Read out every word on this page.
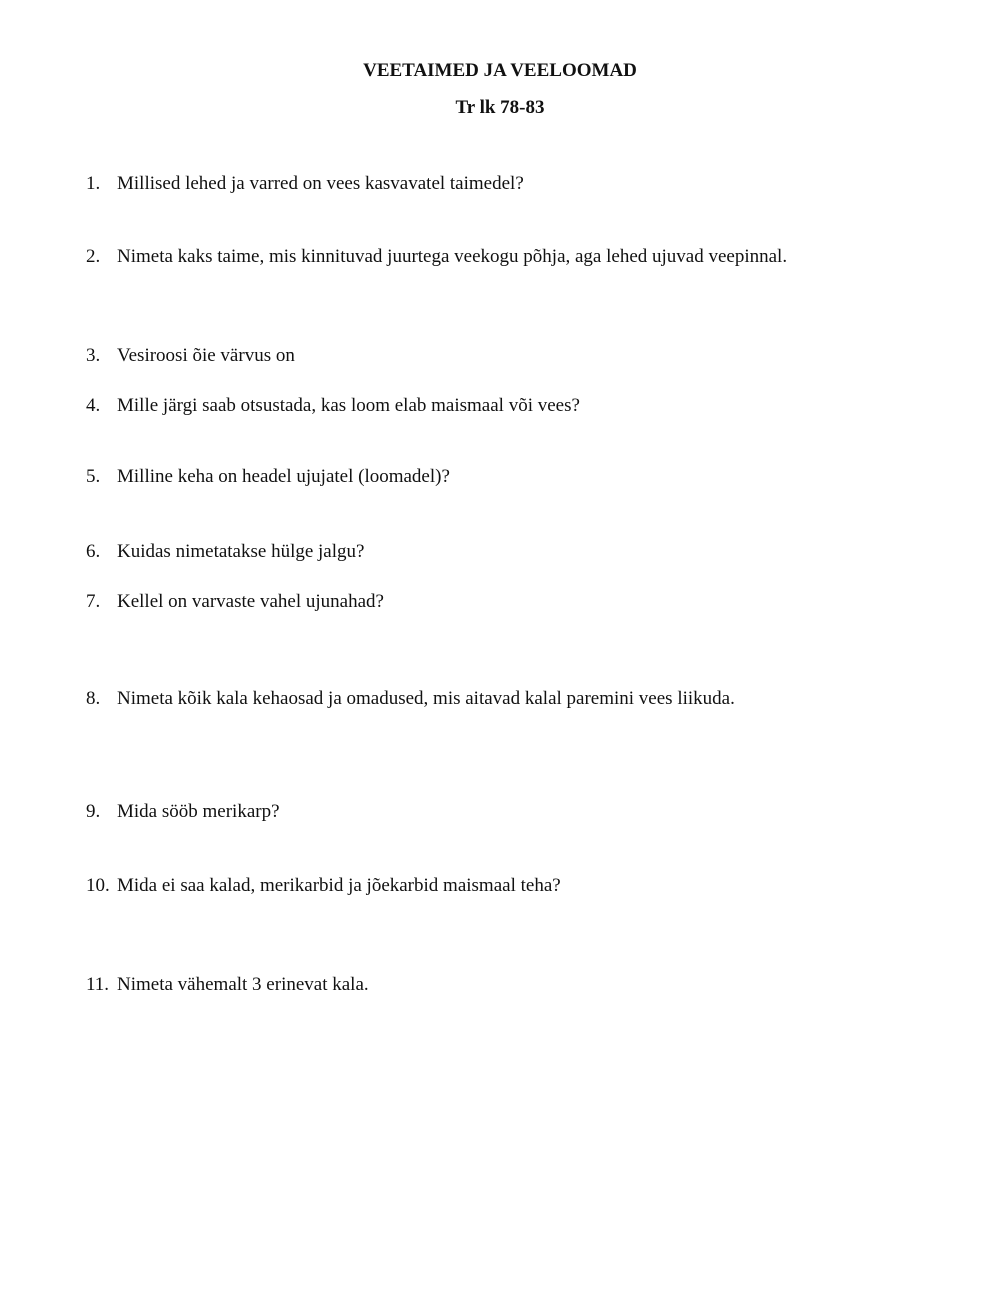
VEETAIMED JA VEELOOMAD
Tr lk 78-83
1. Millised lehed ja varred on vees kasvavatel taimedel?
2. Nimeta kaks taime, mis kinnituvad juurtega veekogu põhja, aga lehed ujuvad veepinnal.
3. Vesiroosi õie värvus on
4. Mille järgi saab otsustada, kas loom elab maismaal või vees?
5. Milline keha on headel ujujatel (loomadel)?
6. Kuidas nimetatakse hülge jalgu?
7. Kellel on varvaste vahel ujunahad?
8. Nimeta kõik kala kehaosad ja omadused, mis aitavad kalal paremini vees liikuda.
9. Mida sööb merikarp?
10. Mida ei saa kalad, merikarbid ja jõekarbid maismaal teha?
11. Nimeta vähemalt 3 erinevat kala.
